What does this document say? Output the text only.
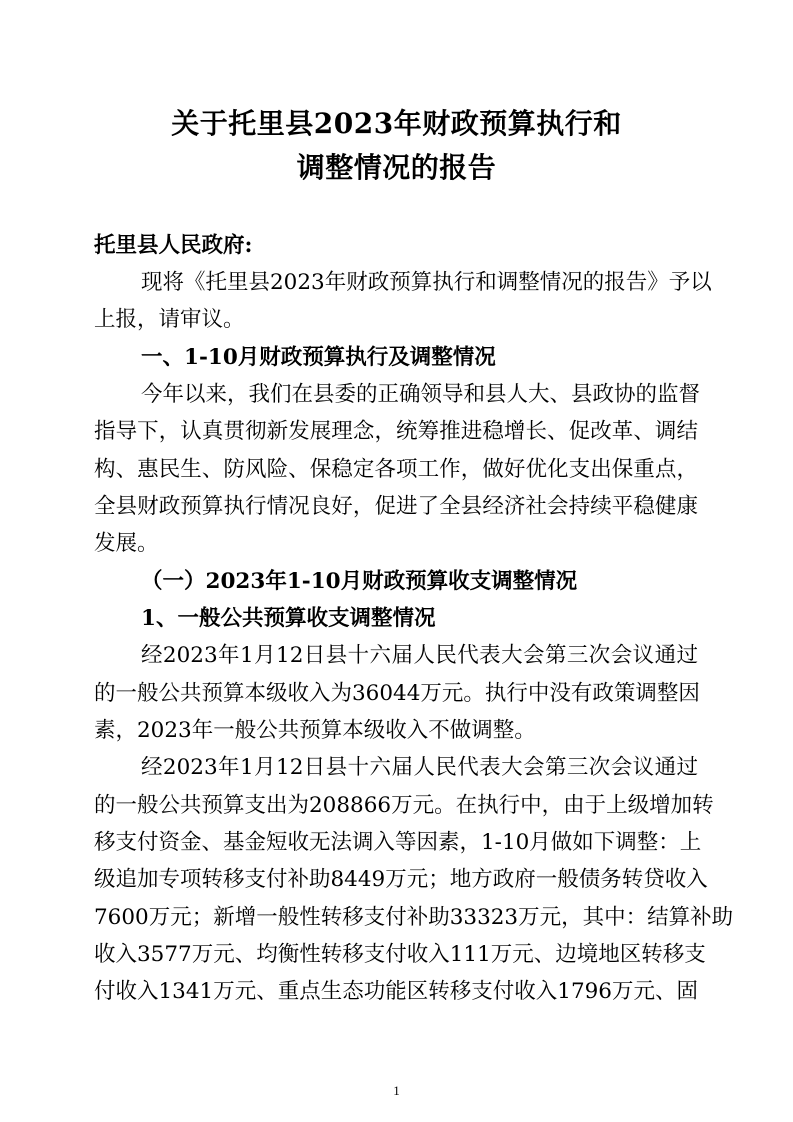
关于托里县2023年财政预算执行和
调整情况的报告
托里县人民政府:
现将《托里县2023年财政预算执行和调整情况的报告》予以
上报，请审议。
一、1-10月财政预算执行及调整情况
今年以来，我们在县委的正确领导和县人大、县政协的监督
指导下，认真贯彻新发展理念，统筹推进稳增长、促改革、调结
构、惠民生、防风险、保稳定各项工作，做好优化支出保重点，
全县财政预算执行情况良好，促进了全县经济社会持续平稳健康
发展。
（一）2023年1-10月财政预算收支调整情况
1、一般公共预算收支调整情况
经2023年1月12日县十六届人民代表大会第三次会议通过
的一般公共预算本级收入为36044万元。执行中没有政策调整因
素，2023年一般公共预算本级收入不做调整。
经2023年1月12日县十六届人民代表大会第三次会议通过
的一般公共预算支出为208866万元。在执行中，由于上级增加转
移支付资金、基金短收无法调入等因素，1-10月做如下调整：上
级追加专项转移支付补助8449万元；地方政府一般债务转贷收入
7600万元；新增一般性转移支付补助33323万元，其中：结算补助
收入3577万元、均衡性转移支付收入111万元、边境地区转移支
付收入1341万元、重点生态功能区转移支付收入1796万元、固
1
